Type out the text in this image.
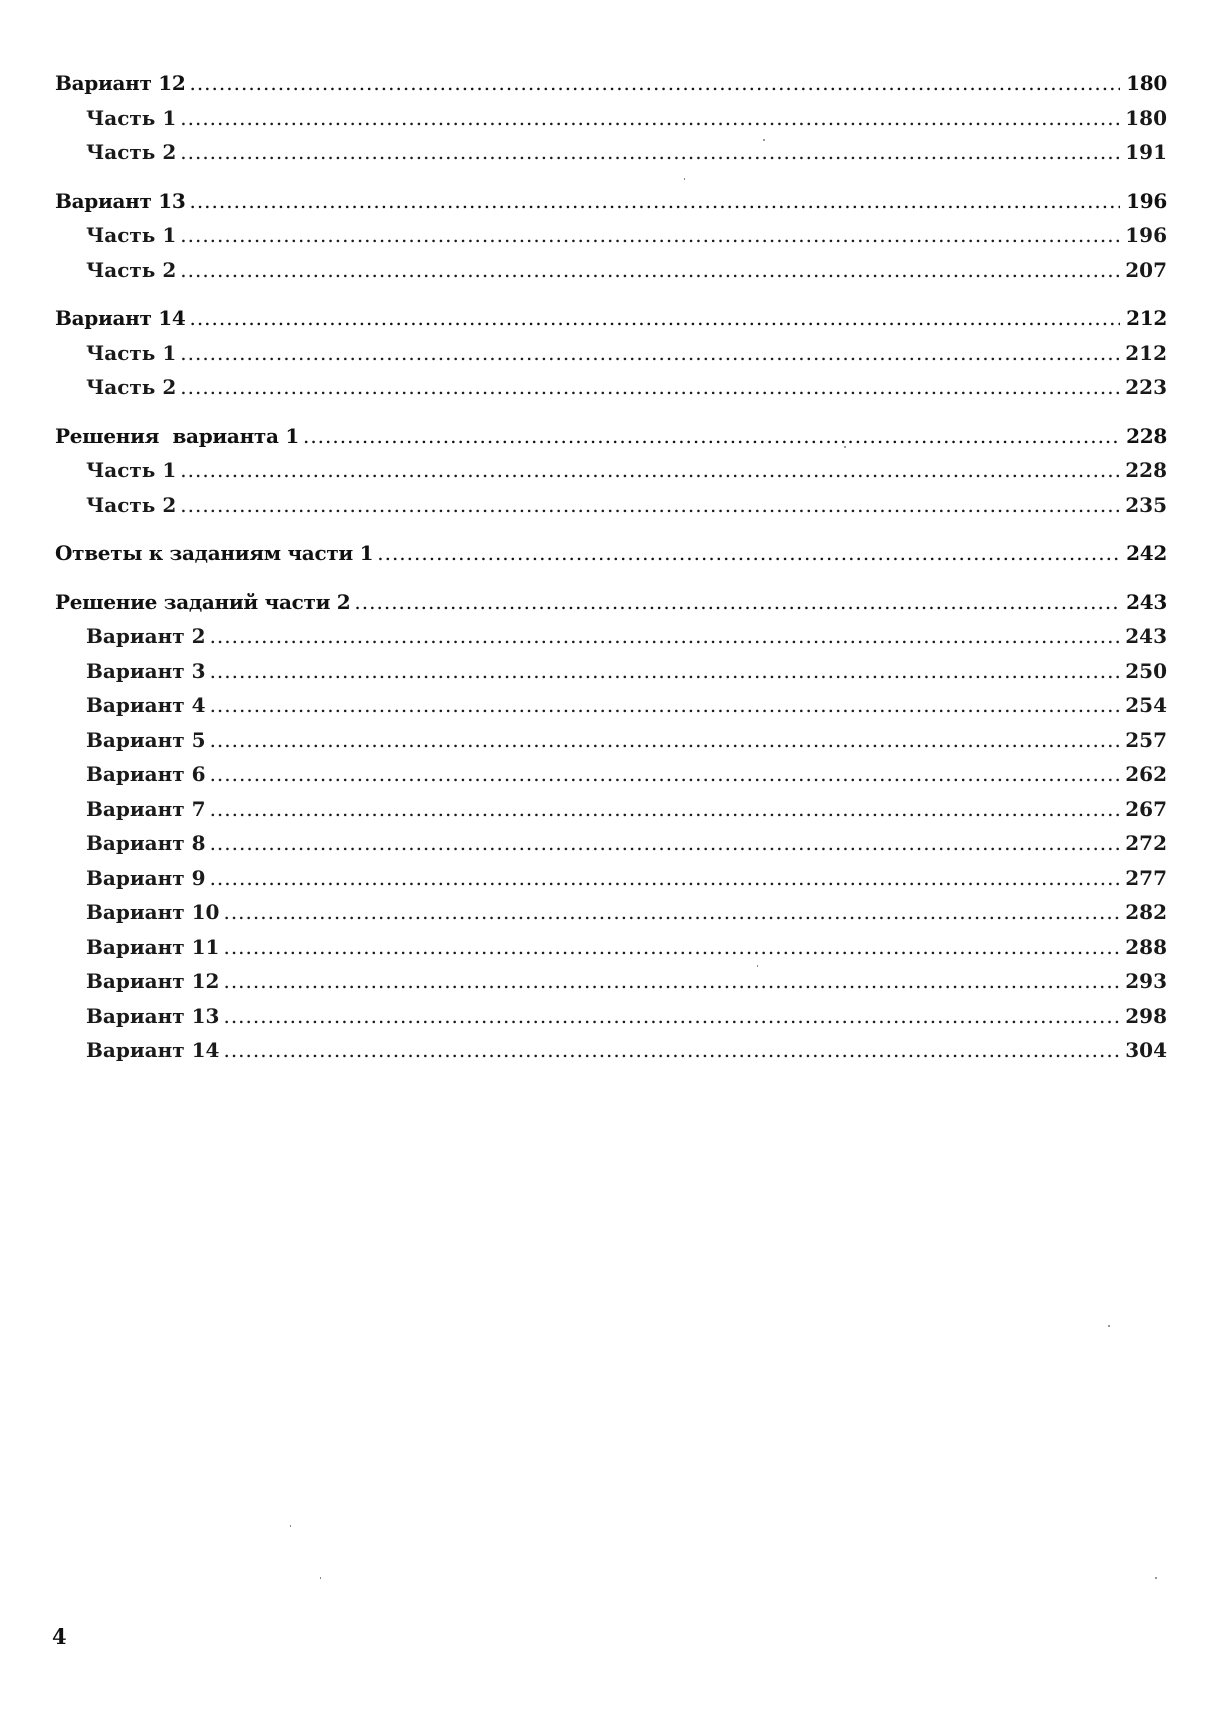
Вариант 12 .....	180
Часть 1 .....	180
Часть 2 .....	191
Вариант 13 .....	196
Часть 1 .....	196
Часть 2 .....	207
Вариант 14 .....	212
Часть 1 .....	212
Часть 2 .....	223
Решения  варианта 1 .....	228
Часть 1 .....	228
Часть 2 .....	235
Ответы к заданиям части 1 .....	242
Решение заданий части 2 .....	243
Вариант 2 .....	243
Вариант 3 .....	250
Вариант 4 .....	254
Вариант 5 .....	257
Вариант 6 .....	262
Вариант 7 .....	267
Вариант 8 .....	272
Вариант 9 .....	277
Вариант 10 .....	282
Вариант 11 .....	288
Вариант 12 .....	293
Вариант 13 .....	298
Вариант 14 .....	304
4
